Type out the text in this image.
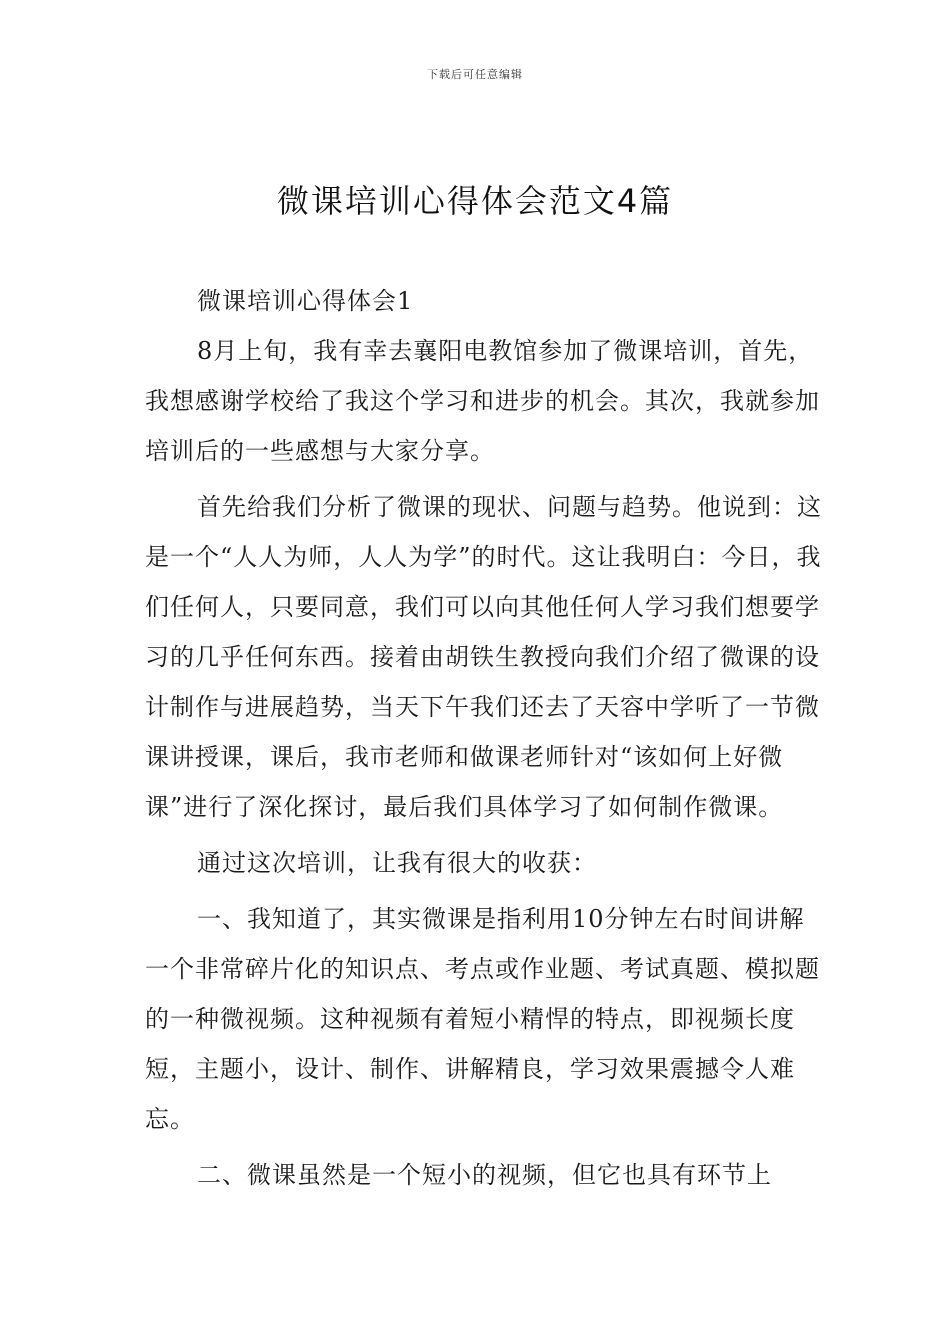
下载后可任意编辑
微课培训心得体会范文4篇

微课培训心得体会1

8月上旬，我有幸去襄阳电教馆参加了微课培训，首先，我想感谢学校给了我这个学习和进步的机会。其次，我就参加培训后的一些感想与大家分享。

首先给我们分析了微课的现状、问题与趋势。他说到：这是一个“人人为师，人人为学”的时代。这让我明白：今日，我们任何人，只要同意，我们可以向其他任何人学习我们想要学习的几乎任何东西。接着由胡铁生教授向我们介绍了微课的设计制作与进展趋势，当天下午我们还去了天容中学听了一节微课讲授课，课后，我市老师和做课老师针对“该如何上好微课”进行了深化探讨，最后我们具体学习了如何制作微课。

通过这次培训，让我有很大的收获：

一、我知道了，其实微课是指利用10分钟左右时间讲解一个非常碎片化的知识点、考点或作业题、考试真题、模拟题的一种微视频。这种视频有着短小精悍的特点，即视频长度短，主题小，设计、制作、讲解精良，学习效果震撼令人难忘。

二、微课虽然是一个短小的视频，但它也具有环节上
